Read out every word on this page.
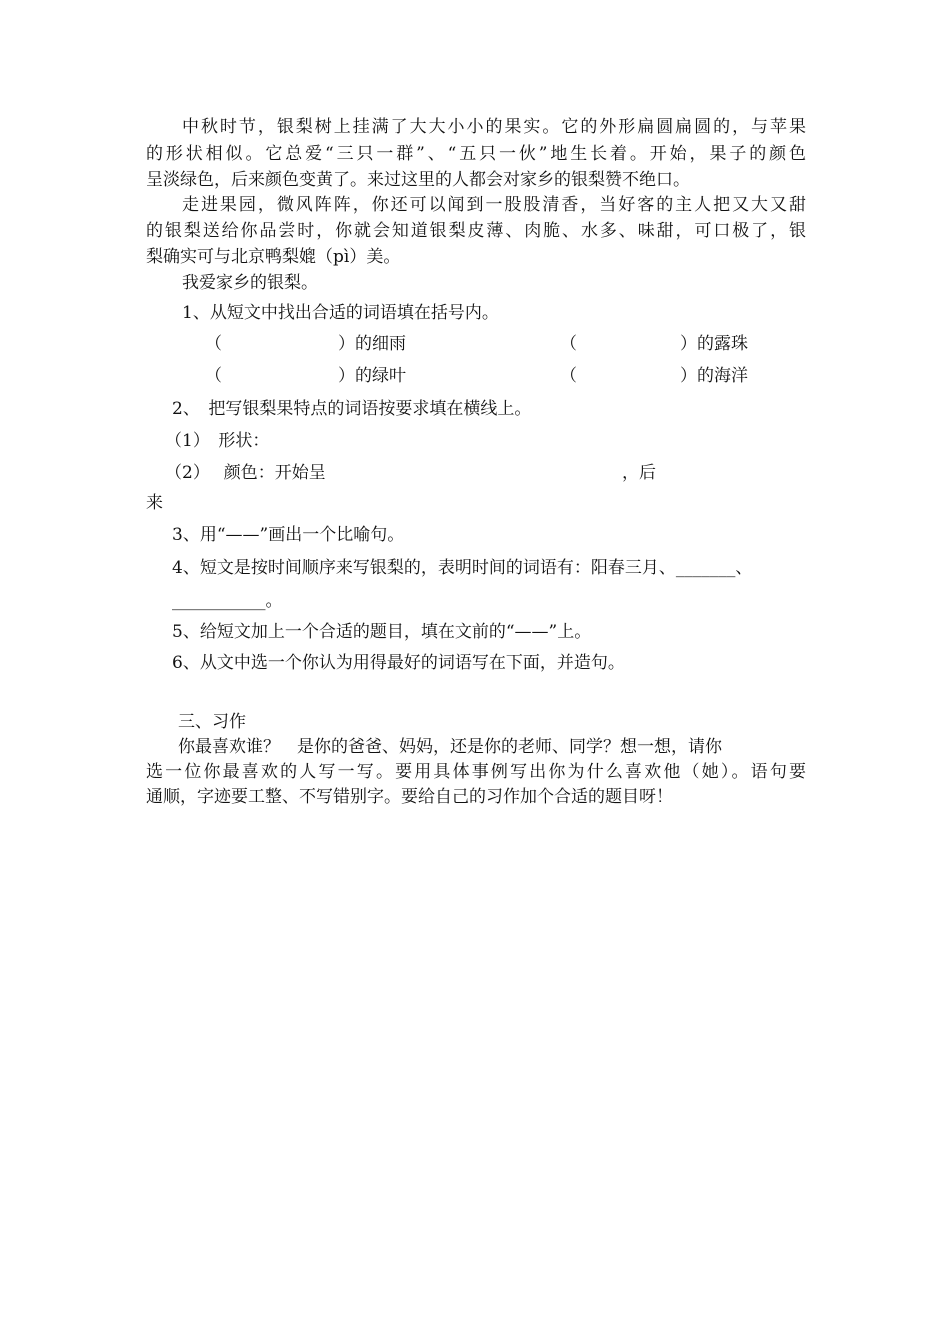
中秋时节，银梨树上挂满了大大小小的果实。它的外形扁圆扁圆的，与苹果
的形状相似。它总爱“三只一群”、“五只一伙”地生长着。开始，果子的颜色
呈淡绿色，后来颜色变黄了。来过这里的人都会对家乡的银梨赞不绝口。
走进果园，微风阵阵，你还可以闻到一股股清香，当好客的主人把又大又甜
的银梨送给你品尝时，你就会知道银梨皮薄、肉脆、水多、味甜，可口极了，银
梨确实可与北京鸭梨媲（pì）美。
我爱家乡的银梨。
1、从短文中找出合适的词语填在括号内。
（	）的细雨	（	）的露珠
（	）的绿叶	（	）的海洋
2、　把写银梨果特点的词语按要求填在横线上。
（1）　形状：
（2）　 颜色：开始呈	，后
来
3、用“——”画出一个比喻句。
4、短文是按时间顺序来写银梨的，表明时间的词语有：阳春三月、_______、
___________。
5、给短文加上一个合适的题目，填在文前的“——”上。
6、从文中选一个你认为用得最好的词语写在下面，并造句。
三、习作
你最喜欢谁？　是你的爸爸、妈妈，还是你的老师、同学？想一想，请你
选一位你最喜欢的人写一写。要用具体事例写出你为什么喜欢他（她）。语句要
通顺，字迹要工整、不写错别字。要给自己的习作加个合适的题目呀！
